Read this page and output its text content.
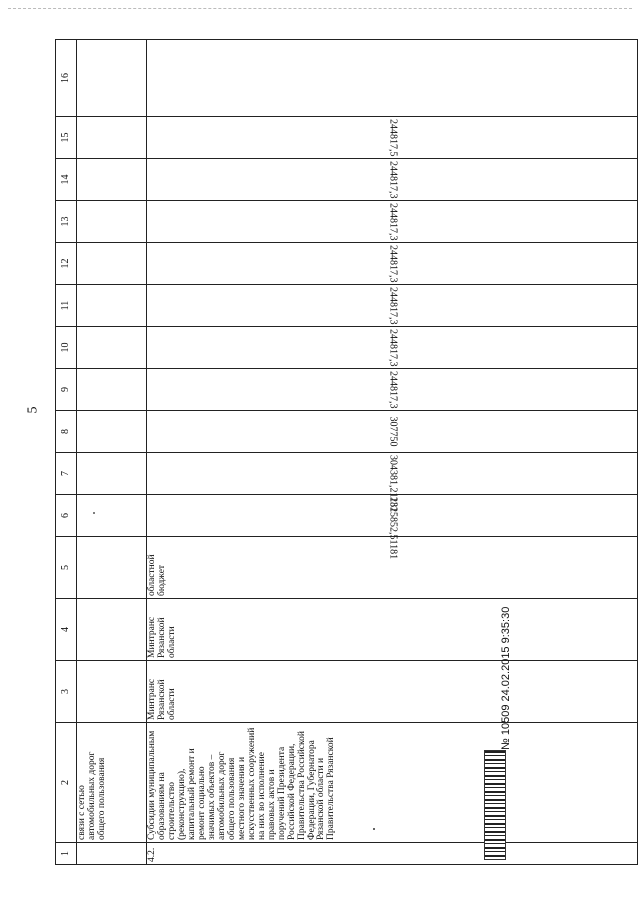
5
1	2	3	4	5	6	7	8	9	10	11	12	13	14	15	16
	связи с сетью автомобильных дорог общего пользования														
4.2.	Субсидии муниципальным образованиям на строительство (реконструкцию), капитальный ремонт и ремонт социально значимых объектов – автомобильных дорог общего пользования местного значения и искусственных сооружений на них во исполнение правовых актов и поручений Президента Российской Федерации, Правительства Российской Федерации, Губернатора Рязанской области и Правительства Рязанской	Минтранс Рязанской области	Минтранс Рязанской области	областной бюджет	2325852,51181	304381,21181	307750	244817,3	244817,3	244817,3	244817,3	244817,3	244817,3	244817,5	

№ 10509 24.02.2015 9:35:30
